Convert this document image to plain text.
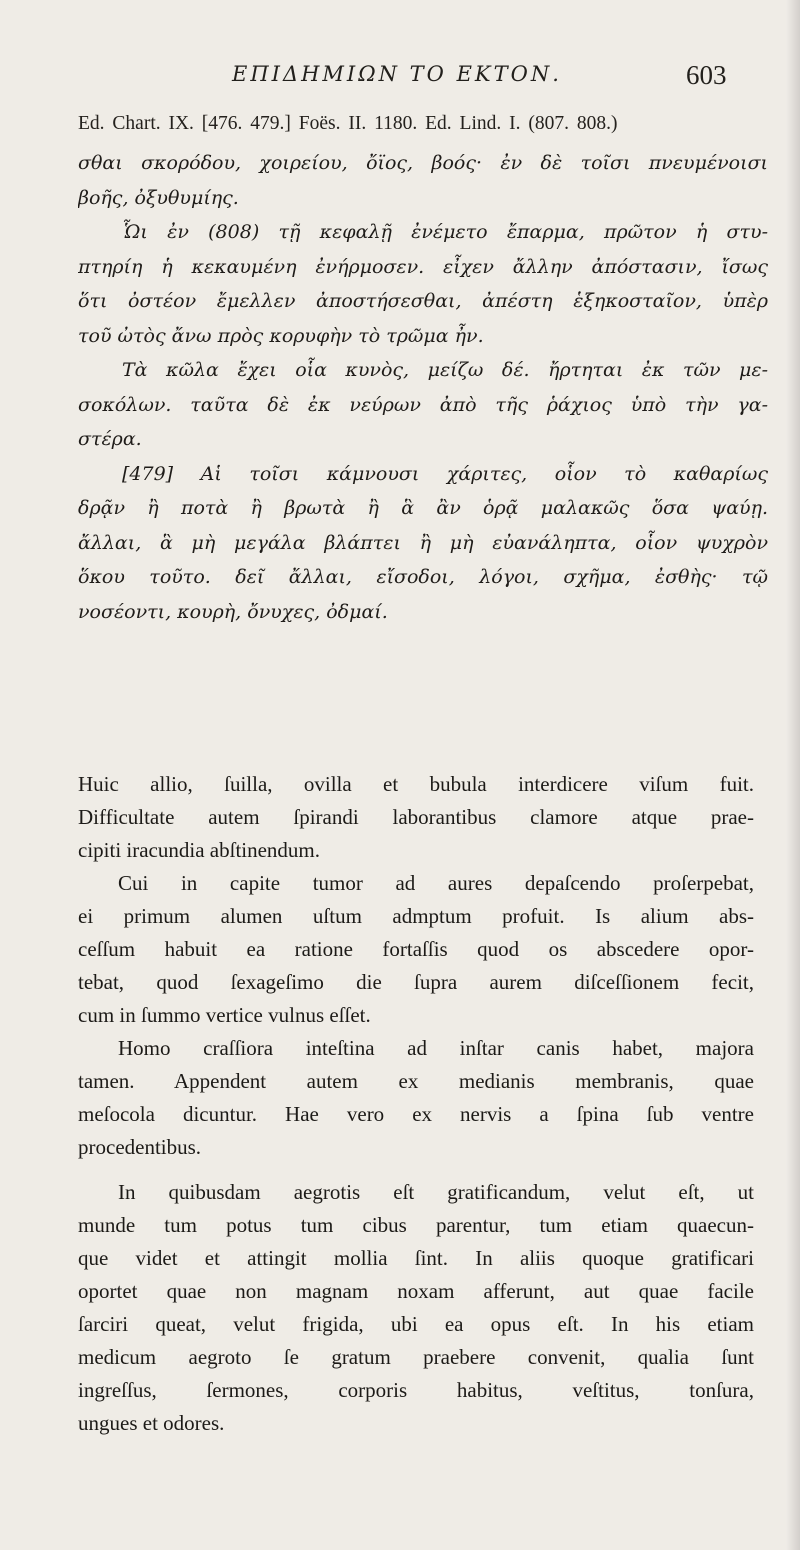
ΕΠΙΔΗΜΙΩΝ ΤΟ ΕΚΤΟΝ.	603
Ed. Chart. IX. [476. 479.] Foës. II. 1180. Ed. Lind. I. (807. 808.)
σθαι σκορόδου, χοιρείου, ὄϊος, βοός· ἐν δὲ τοῖσι πνευμένοισι
βοῆς, ὀξυθυμίης.
Ὧι ἐν (808) τῇ κεφαλῇ ἐνέμετο ἔπαρμα, πρῶτον ἡ στυ-
πτηρίη ἡ κεκαυμένη ἐνήρμοσεν. εἶχεν ἄλλην ἀπόστασιν, ἴσως
ὅτι ὀστέον ἔμελλεν ἀποστήσεσθαι, ἀπέστη ἑξηκοσταῖον, ὑπὲρ
τοῦ ὠτὸς ἄνω πρὸς κορυφὴν τὸ τρῶμα ἦν.
Τὰ κῶλα ἔχει οἷα κυνὸς, μείζω δέ. ἤρτηται ἐκ τῶν με-
σοκόλων. ταῦτα δὲ ἐκ νεύρων ἀπὸ τῆς ῥάχιος ὑπὸ τὴν γα-
στέρα.
[479] Αἱ τοῖσι κάμνουσι χάριτες, οἷον τὸ καθαρίως
δρᾷν ἢ ποτὰ ἢ βρωτὰ ἢ ἃ ἂν ὁρᾷ μαλακῶς ὅσα ψαύῃ.
ἄλλαι, ἃ μὴ μεγάλα βλάπτει ἢ μὴ εὐανάληπτα, οἷον ψυχρὸν
ὅκου τοῦτο. δεῖ ἄλλαι, εἴσοδοι, λόγοι, σχῆμα, ἐσθὴς· τῷ
νοσέοντι, κουρὴ, ὄνυχες, ὀδμαί.
Huic allio, ſuilla, ovilla et bubula interdicere viſum fuit.
Difficultate autem ſpirandi laborantibus clamore atque prae-
cipiti iracundia abſtinendum.
Cui in capite tumor ad aures depaſcendo proſerpebat,
ei primum alumen uſtum admptum profuit. Is alium abs-
ceſſum habuit ea ratione fortaſſis quod os abscedere opor-
tebat, quod ſexageſimo die ſupra aurem diſceſſionem fecit,
cum in ſummo vertice vulnus eſſet.
Homo craſſiora inteſtina ad inſtar canis habet, majora
tamen. Appendent autem ex medianis membranis, quae
meſocola dicuntur. Hae vero ex nervis a ſpina ſub ventre
procedentibus.
In quibusdam aegrotis eſt gratificandum, velut eſt, ut
munde tum potus tum cibus parentur, tum etiam quaecun-
que videt et attingit mollia ſint. In aliis quoque gratificari
oportet quae non magnam noxam afferunt, aut quae facile
ſarciri queat, velut frigida, ubi ea opus eſt. In his etiam
medicum aegroto ſe gratum praebere convenit, qualia ſunt
ingreſſus, ſermones, corporis habitus, veſtitus, tonſura,
ungues et odores.
